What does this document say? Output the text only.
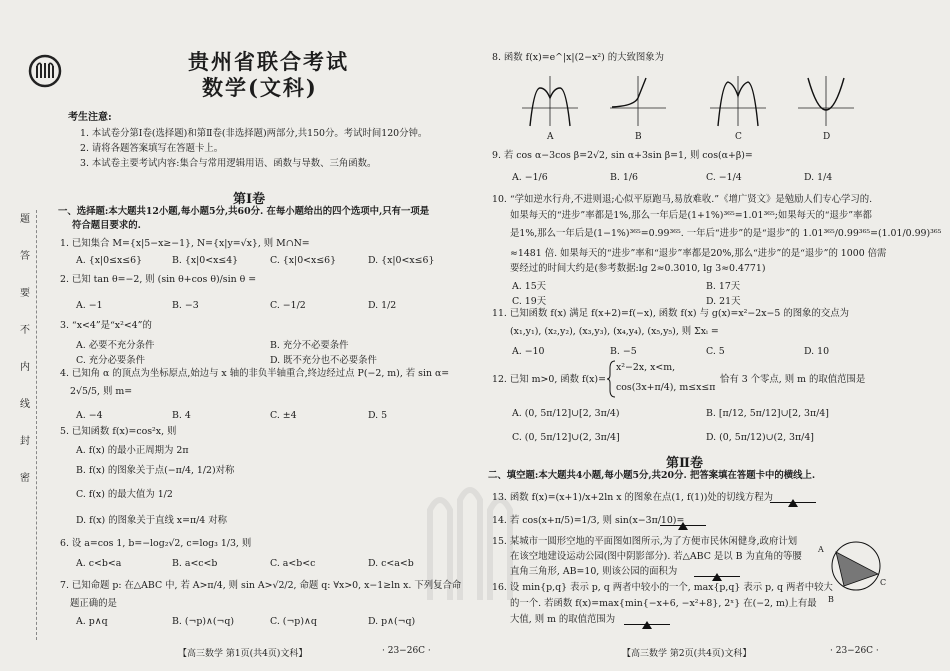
题
答
要
不
内
线
封
密
贵州省联合考试
数学(文科)
考生注意:
1. 本试卷分第Ⅰ卷(选择题)和第Ⅱ卷(非选择题)两部分,共150分。考试时间120分钟。
2. 请将各题答案填写在答题卡上。
3. 本试卷主要考试内容:集合与常用逻辑用语、函数与导数、三角函数。
第Ⅰ卷
一、选择题:本大题共12小题,每小题5分,共60分. 在每小题给出的四个选项中,只有一项是
符合题目要求的.
1. 已知集合 M={x|5−x≥−1}, N={x|y=√x}, 则 M∩N=
A. {x|0≤x≤6}	B. {x|0<x≤4}	C. {x|0<x≤6}	D. {x|0<x≤6}
2. 已知 tan θ=−2, 则 (sin θ+cos θ)/sin θ =
A. −1	B. −3	C. −1/2	D. 1/2
3. “x<4”是“x²<4”的
A. 必要不充分条件	B. 充分不必要条件
C. 充分必要条件	D. 既不充分也不必要条件
4. 已知角 α 的顶点为坐标原点,始边与 x 轴的非负半轴重合,终边经过点 P(−2, m), 若 sin α=
2√5/5, 则 m=
A. −4	B. 4	C. ±4	D. 5
5. 已知函数 f(x)=cos²x, 则
A. f(x) 的最小正周期为 2π
B. f(x) 的图象关于点(−π/4, 1/2)对称
C. f(x) 的最大值为 1/2
D. f(x) 的图象关于直线 x=π/4 对称
6. 设 a=cos 1, b=−log₂√2, c=log₃ 1/3, 则
A. c<b<a	B. a<c<b	C. a<b<c	D. c<a<b
7. 已知命题 p: 在△ABC 中, 若 A>π/4, 则 sin A>√2/2, 命题 q: ∀x>0, x−1≥ln x. 下列复合命
题正确的是
A. p∧q	B. (¬p)∧(¬q)	C. (¬p)∧q	D. p∧(¬q)
【高三数学 第1页(共4页)文科】	· 23−26C ·
8. 函数 f(x)=e^|x|(2−x²) 的大致图象为
A	B	C	D
9. 若 cos α−3cos β=2√2, sin α+3sin β=1, 则 cos(α+β)=
A. −1/6	B. 1/6	C. −1/4	D. 1/4
10. “学如逆水行舟,不进则退;心似平原跑马,易放难收.”《增广贤文》是勉励人们专心学习的.
如果每天的“进步”率都是1%,那么一年后是(1+1%)³⁶⁵=1.01³⁶⁵;如果每天的“退步”率都
是1%,那么一年后是(1−1%)³⁶⁵=0.99³⁶⁵. 一年后“进步”的是“退步”的 1.01³⁶⁵/0.99³⁶⁵=(1.01/0.99)³⁶⁵
≈1481 倍. 如果每天的“进步”率和“退步”率都是20%,那么“进步”的是“退步”的 1000 倍需
要经过的时间大约是(参考数据:lg 2≈0.3010, lg 3≈0.4771)
A. 15天	B. 17天
C. 19天	D. 21天
11. 已知函数 f(x) 满足 f(x+2)=f(−x), 函数 f(x) 与 g(x)=x²−2x−5 的图象的交点为
(x₁,y₁), (x₂,y₂), (x₃,y₃), (x₄,y₄), (x₅,y₅), 则 Σxᵢ =
A. −10	B. −5	C. 5	D. 10
12. 已知 m>0, 函数 f(x)=
x²−2x, x<m,
cos(3x+π/4), m≤x≤π
恰有 3 个零点, 则 m 的取值范围是
A. (0, 5π/12]∪[2, 3π/4)	B. [π/12, 5π/12]∪[2, 3π/4]
C. (0, 5π/12]∪(2, 3π/4]	D. (0, 5π/12)∪(2, 3π/4]
第Ⅱ卷
二、填空题:本大题共4小题,每小题5分,共20分. 把答案填在答题卡中的横线上.
13. 函数 f(x)=(x+1)/x+2ln x 的图象在点(1, f(1))处的切线方程为
14. 若 cos(x+π/5)=1/3, 则 sin(x−3π/10)=
15. 某城市一圆形空地的平面图如图所示,为了方便市民休闲健身,政府计划
在该空地建设运动公园(图中阴影部分). 若△ABC 是以 B 为直角的等腰
直角三角形, AB=10, 则该公园的面积为
A
B
C
16. 设 min{p,q} 表示 p, q 两者中较小的一个, max{p,q} 表示 p, q 两者中较大
的一个. 若函数 f(x)=max{min{−x+6, −x²+8}, 2ˣ} 在(−2, m)上有最
大值, 则 m 的取值范围为
【高三数学 第2页(共4页)文科】	· 23−26C ·
